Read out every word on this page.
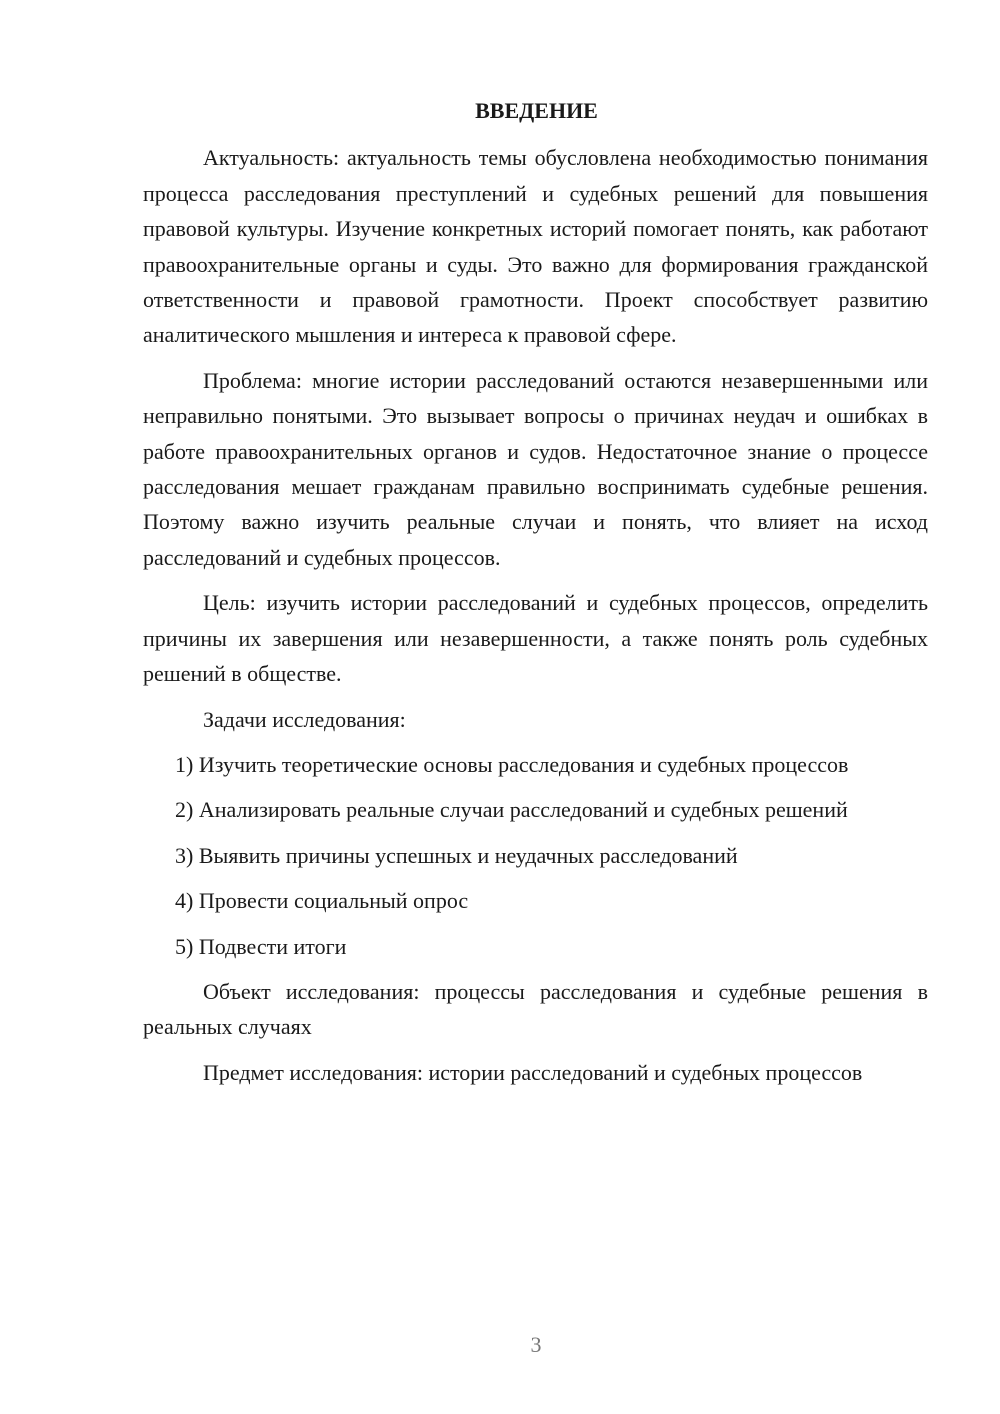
ВВЕДЕНИЕ

Актуальность: актуальность темы обусловлена необходимостью понимания процесса расследования преступлений и судебных решений для повышения правовой культуры. Изучение конкретных историй помогает понять, как работают правоохранительные органы и суды. Это важно для формирования гражданской ответственности и правовой грамотности. Проект способствует развитию аналитического мышления и интереса к правовой сфере.

Проблема: многие истории расследований остаются незавершенными или неправильно понятыми. Это вызывает вопросы о причинах неудач и ошибках в работе правоохранительных органов и судов. Недостаточное знание о процессе расследования мешает гражданам правильно воспринимать судебные решения. Поэтому важно изучить реальные случаи и понять, что влияет на исход расследований и судебных процессов.

Цель: изучить истории расследований и судебных процессов, определить причины их завершения или незавершенности, а также понять роль судебных решений в обществе.

Задачи исследования:

1) Изучить теоретические основы расследования и судебных процессов

2) Анализировать реальные случаи расследований и судебных решений

3) Выявить причины успешных и неудачных расследований

4) Провести социальный опрос

5) Подвести итоги

Объект исследования: процессы расследования и судебные решения в реальных случаях

Предмет исследования: истории расследований и судебных процессов

3
